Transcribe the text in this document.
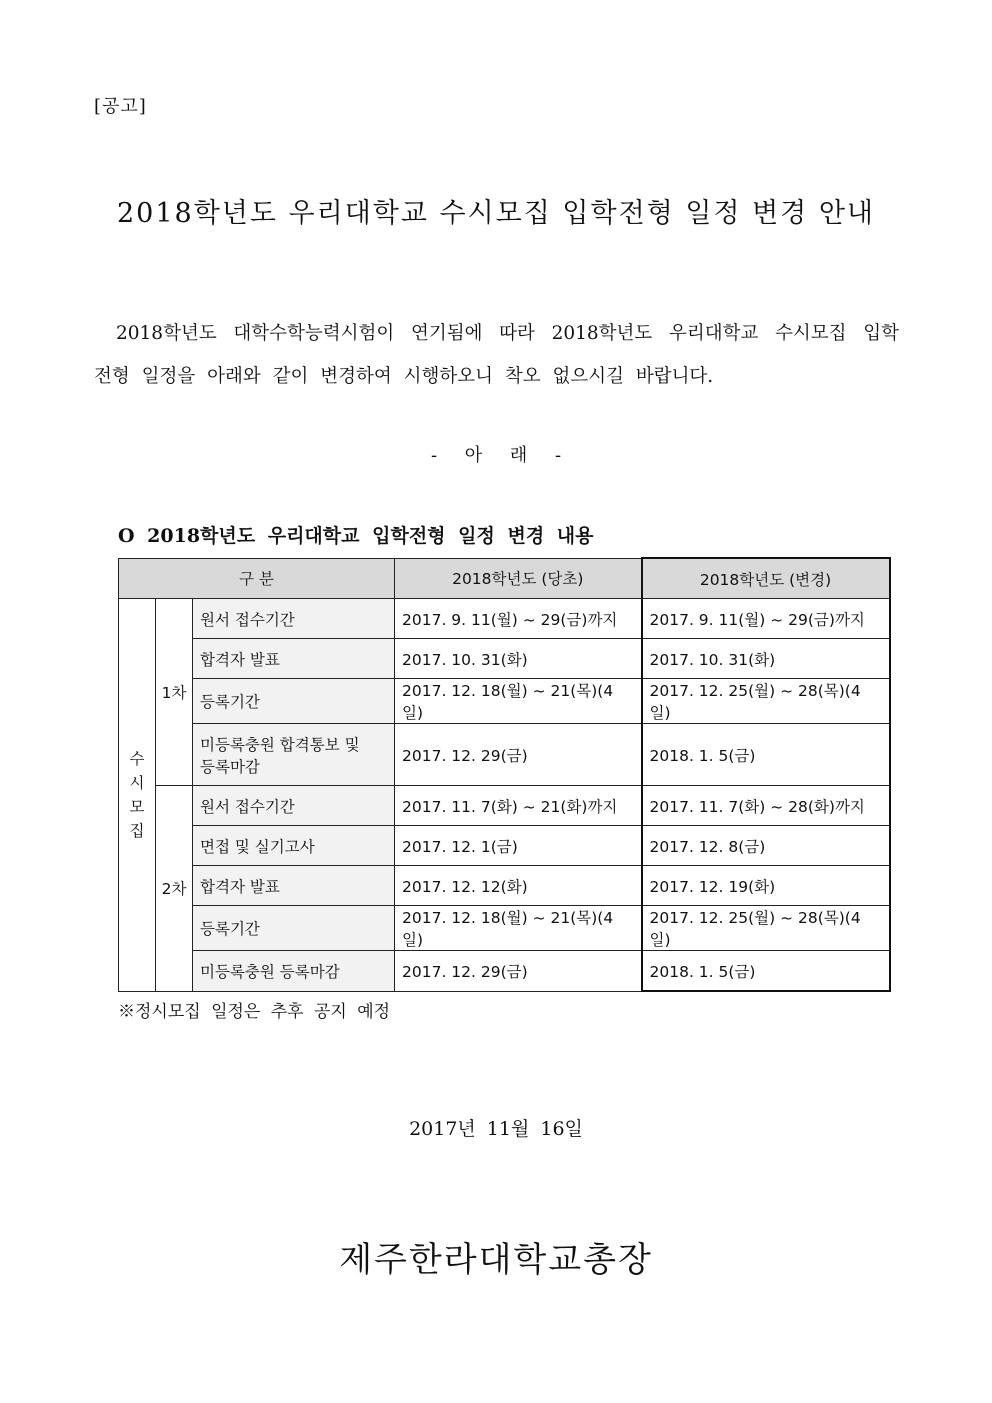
[공고]
2018학년도 우리대학교 수시모집 입학전형 일정 변경 안내
2018학년도 대학수학능력시험이 연기됨에 따라 2018학년도 우리대학교 수시모집 입학
전형 일정을 아래와 같이 변경하여 시행하오니 착오 없으시길 바랍니다.
- 아 래 -
O 2018학년도 우리대학교 입학전형 일정 변경 내용
구 분			2018학년도 (당초)	2018학년도 (변경)
수
시
모
집	1차	원서 접수기간	2017. 9. 11(월) ~ 29(금)까지	2017. 9. 11(월) ~ 29(금)까지
		합격자 발표	2017. 10. 31(화)	2017. 10. 31(화)
		등록기간	2017. 12. 18(월) ~ 21(목)(4일)	2017. 12. 25(월) ~ 28(목)(4일)
		미등록충원 합격통보 및
등록마감	2017. 12. 29(금)	2018. 1. 5(금)
	2차	원서 접수기간	2017. 11. 7(화) ~ 21(화)까지	2017. 11. 7(화) ~ 28(화)까지
		면접 및 실기고사	2017. 12. 1(금)	2017. 12. 8(금)
		합격자 발표	2017. 12. 12(화)	2017. 12. 19(화)
		등록기간	2017. 12. 18(월) ~ 21(목)(4일)	2017. 12. 25(월) ~ 28(목)(4일)
		미등록충원 등록마감	2017. 12. 29(금)	2018. 1. 5(금)
※정시모집 일정은 추후 공지 예정
2017년 11월 16일
제주한라대학교총장
